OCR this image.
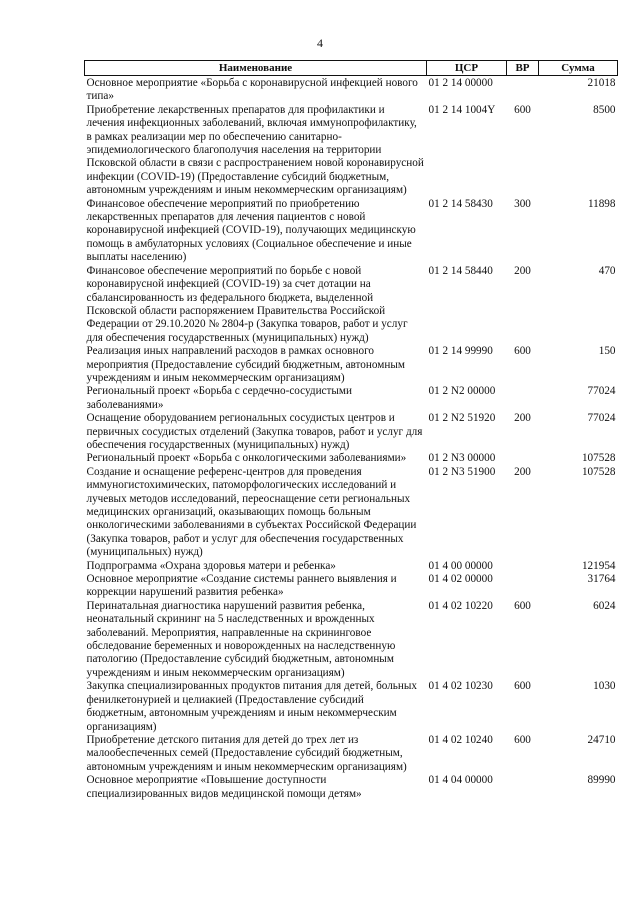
4
Наименование	ЦСР	ВР	Сумма
Основное мероприятие «Борьба с коронавирусной инфекцией нового типа»	01 2 14 00000		21018
Приобретение лекарственных препаратов для профилактики и лечения инфекционных заболеваний, включая иммунопрофилактику, в рамках реализации мер по обеспечению санитарно-эпидемиологического благополучия населения на территории Псковской области в связи с распространением новой коронавирусной инфекции (COVID-19) (Предоставление субсидий бюджетным, автономным учреждениям и иным некоммерческим организациям)	01 2 14 1004Y	600	8500
Финансовое обеспечение мероприятий по приобретению лекарственных препаратов для лечения пациентов с новой коронавирусной инфекцией (COVID-19), получающих медицинскую помощь в амбулаторных условиях (Социальное обеспечение и иные выплаты населению)	01 2 14 58430	300	11898
Финансовое обеспечение мероприятий по борьбе с новой коронавирусной инфекцией (COVID-19) за счет дотации на сбалансированность из федерального бюджета, выделенной Псковской области распоряжением Правительства Российской Федерации от 29.10.2020 № 2804-р (Закупка товаров, работ и услуг для обеспечения государственных (муниципальных) нужд)	01 2 14 58440	200	470
Реализация иных направлений расходов в рамках основного мероприятия (Предоставление субсидий бюджетным, автономным учреждениям и иным некоммерческим организациям)	01 2 14 99990	600	150
Региональный проект «Борьба с сердечно-сосудистыми заболеваниями»	01 2 N2 00000		77024
Оснащение оборудованием региональных сосудистых центров и первичных сосудистых отделений (Закупка товаров, работ и услуг для обеспечения государственных (муниципальных) нужд)	01 2 N2 51920	200	77024
Региональный проект «Борьба с онкологическими заболеваниями»	01 2 N3 00000		107528
Создание и оснащение референс-центров для проведения иммуногистохимических, патоморфологических исследований и лучевых методов исследований, переоснащение сети региональных медицинских организаций, оказывающих помощь больным онкологическими заболеваниями в субъектах Российской Федерации (Закупка товаров, работ и услуг для обеспечения государственных (муниципальных) нужд)	01 2 N3 51900	200	107528
Подпрограмма «Охрана здоровья матери и ребенка»	01 4 00 00000		121954
Основное мероприятие «Создание системы раннего выявления и коррекции нарушений развития ребенка»	01 4 02 00000		31764
Перинатальная диагностика нарушений развития ребенка, неонатальный скрининг на 5 наследственных и врожденных заболеваний. Мероприятия, направленные на скрининговое обследование беременных и новорожденных на наследственную патологию (Предоставление субсидий бюджетным, автономным учреждениям и иным некоммерческим организациям)	01 4 02 10220	600	6024
Закупка специализированных продуктов питания для детей, больных фенилкетонурией и целиакией (Предоставление субсидий бюджетным, автономным учреждениям и иным некоммерческим организациям)	01 4 02 10230	600	1030
Приобретение детского питания для детей до трех лет из малообеспеченных семей (Предоставление субсидий бюджетным, автономным учреждениям и иным некоммерческим организациям)	01 4 02 10240	600	24710
Основное мероприятие «Повышение доступности специализированных видов медицинской помощи детям»	01 4 04 00000		89990
